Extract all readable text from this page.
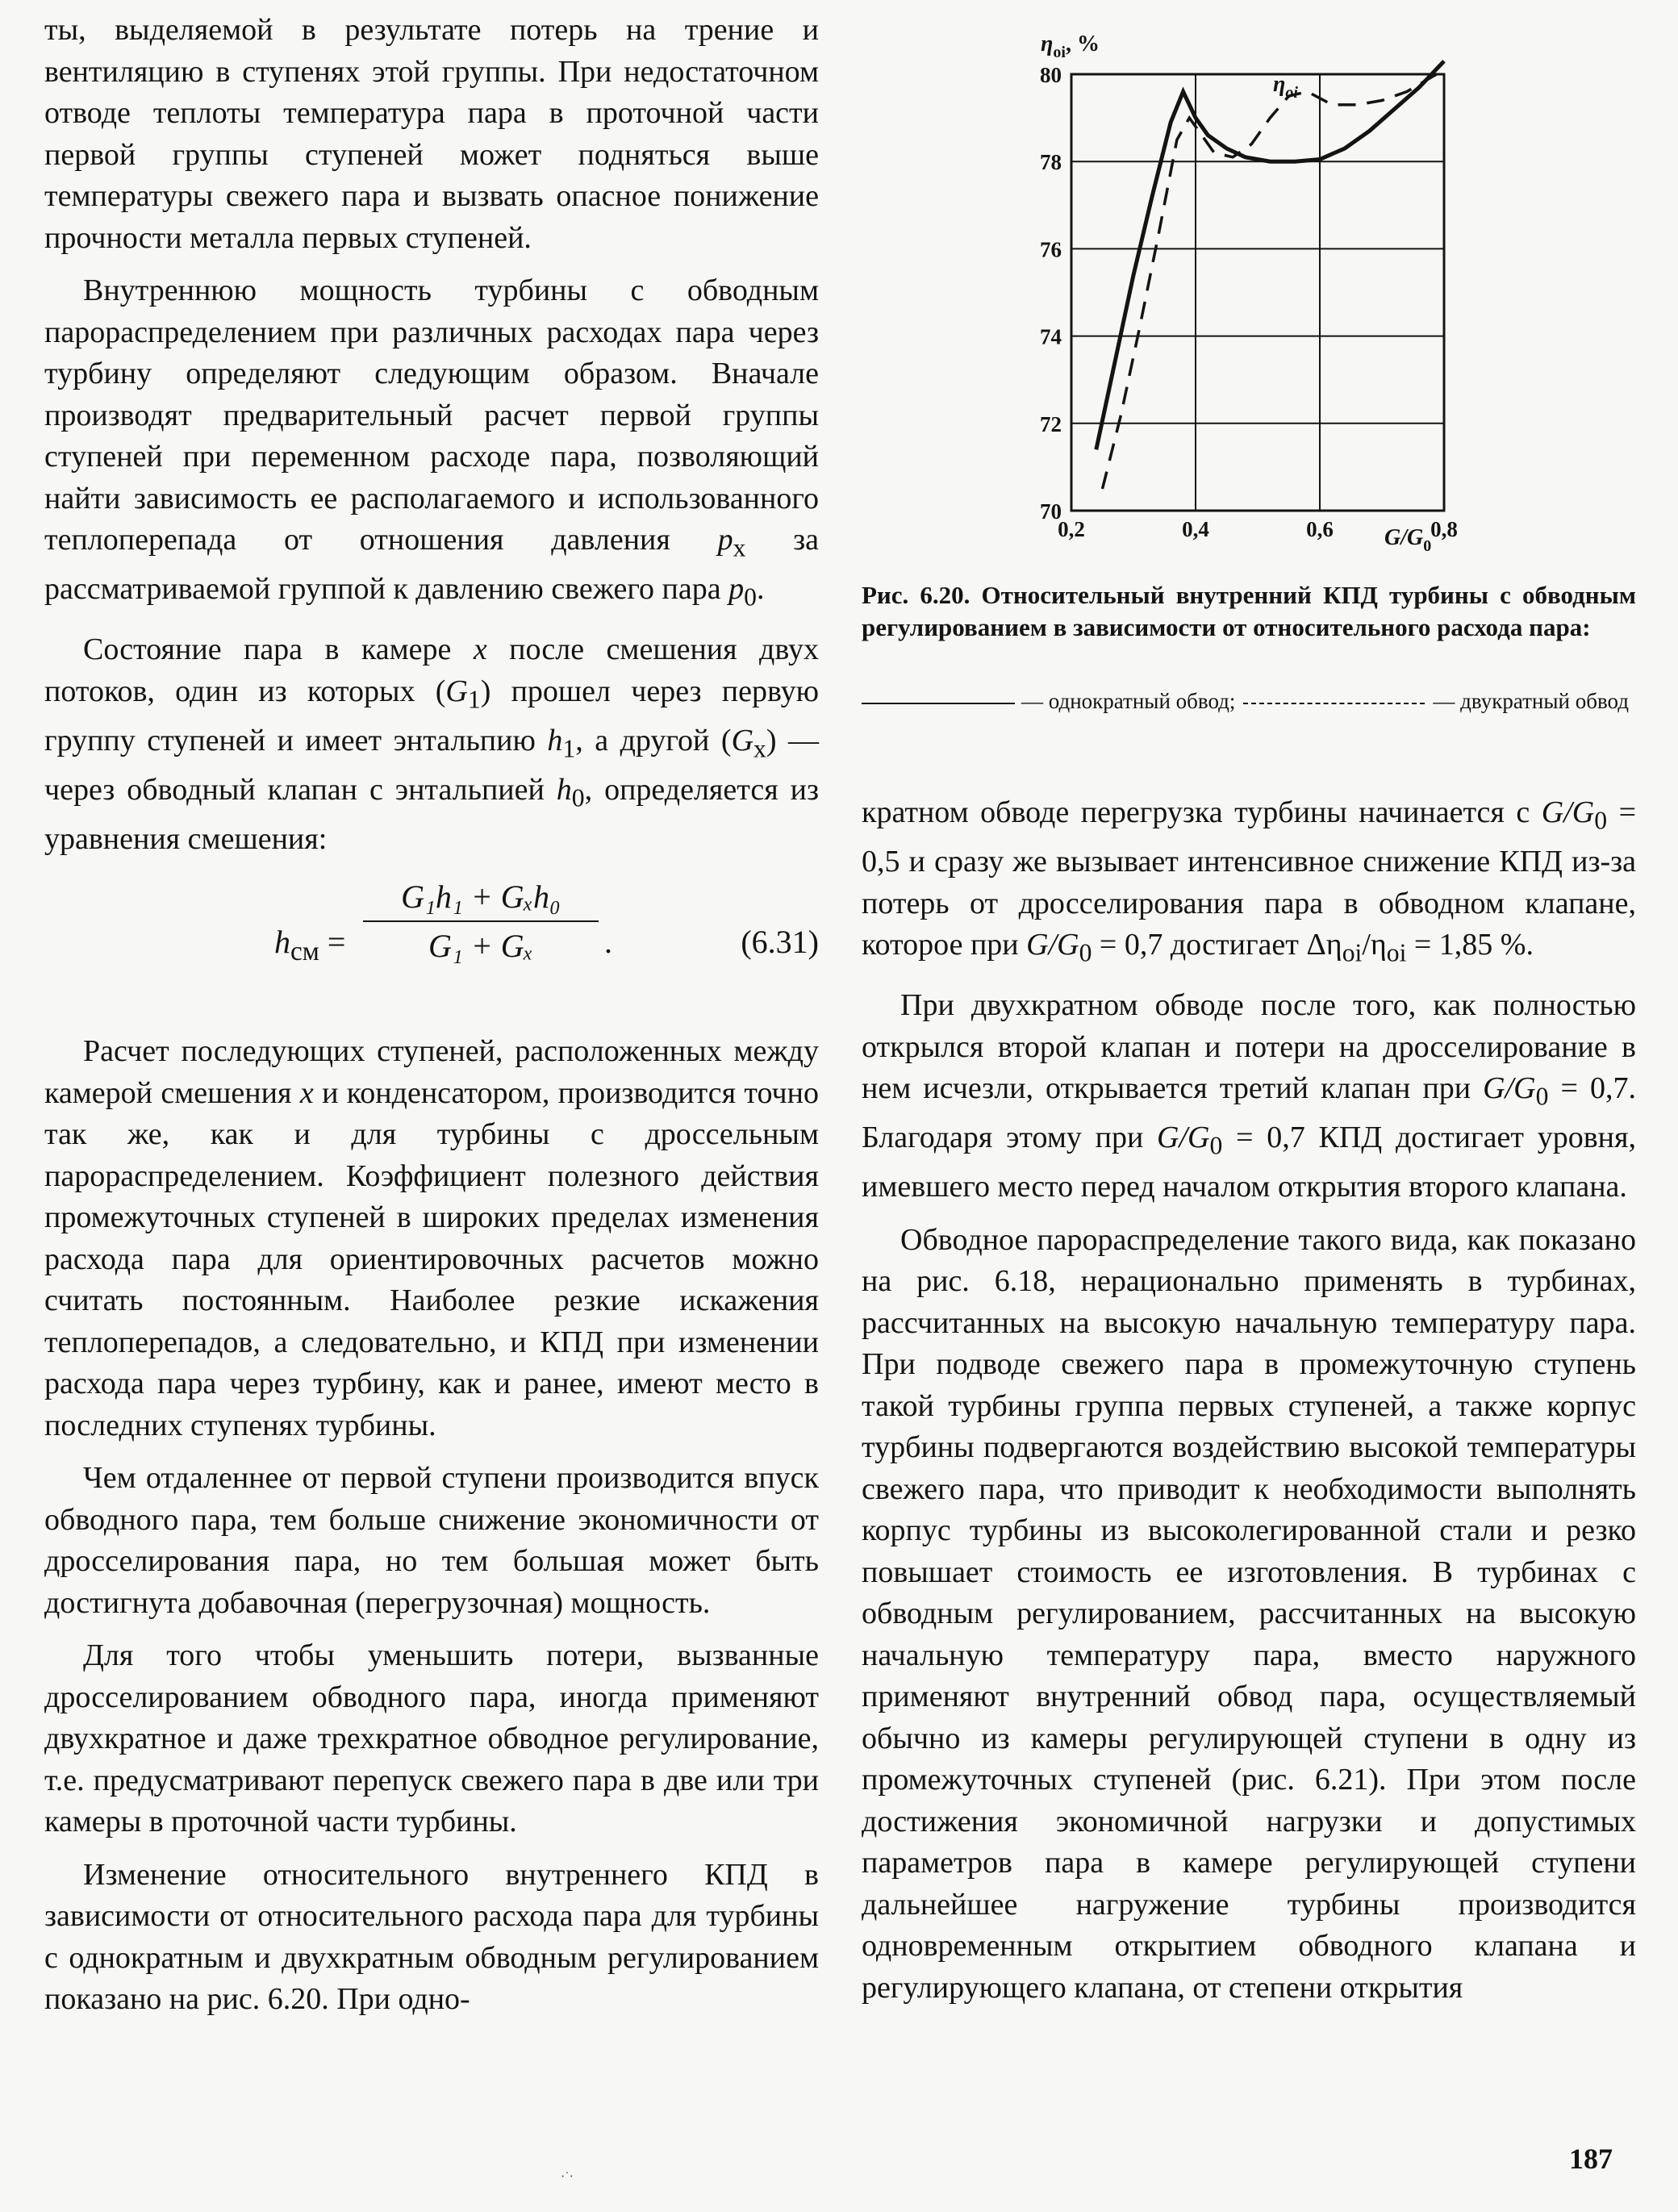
ты, выделяемой в результате потерь на трение и вентиляцию в ступенях этой группы. При недостаточном отводе теплоты температура пара в проточной части первой группы ступеней может подняться выше температуры свежего пара и вызвать опасное понижение прочности металла первых ступеней.

Внутреннюю мощность турбины с обводным парораспределением при различных расходах пара через турбину определяют следующим образом. Вначале производят предварительный расчет первой группы ступеней при переменном расходе пара, позволяющий найти зависимость ее располагаемого и использованного теплоперепада от отношения давления $p_x$ за рассматриваемой группой к давлению свежего пара $p_0$.

Состояние пара в камере x после смешения двух потоков, один из которых $(G_1)$ прошел через первую группу ступеней и имеет энтальпию $h_1$, а другой $(G_x)$ — через обводный клапан с энтальпией $h_0$, определяется из уравнения смешения:

$h_{см}$ =
G₁h₁ + Gₓh₀
G₁ + Gₓ	.	(6.31)

Расчет последующих ступеней, расположенных между камерой смешения x и конденсатором, производится точно так же, как и для турбины с дроссельным парораспределением. Коэффициент полезного действия промежуточных ступеней в широких пределах изменения расхода пара для ориентировочных расчетов можно считать постоянным. Наиболее резкие искажения теплоперепадов, а следовательно, и КПД при изменении расхода пара через турбину, как и ранее, имеют место в последних ступенях турбины.

Чем отдаленнее от первой ступени производится впуск обводного пара, тем больше снижение экономичности от дросселирования пара, но тем большая может быть достигнута добавочная (перегрузочная) мощность.

Для того чтобы уменьшить потери, вызванные дросселированием обводного пара, иногда применяют двухкратное и даже трехкратное обводное регулирование, т.е. предусматривают перепуск свежего пара в две или три камеры в проточной части турбины.

Изменение относительного внутреннего КПД в зависимости от относительного расхода пара для турбины с однократным и двухкратным обводным регулированием показано на рис. 6.20. При одно-

0,2	0,4	0,6	0,8
70
72
74
76
78
80
$\eta_{oi}$, %
$G/G_0$
$\eta_{oi}$
Рис. 6.20. Относительный внутренний КПД турбины с обводным регулированием в зависимости от относительного расхода пара:
— однократный обвод;	— двукратный обвод

кратном обводе перегрузка турбины начинается с $G/G_0 = 0,5$ и сразу же вызывает интенсивное снижение КПД из-за потерь от дросселирования пара в обводном клапане, которое при $G/G_0 = 0,7$ достигает $\Delta\eta_{oi}/\eta_{oi} = 1,85$ %.

При двухкратном обводе после того, как полностью открылся второй клапан и потери на дросселирование в нем исчезли, открывается третий клапан при $G/G_0 = 0,7$. Благодаря этому при $G/G_0 = 0,7$ КПД достигает уровня, имевшего место перед началом открытия второго клапана.

Обводное парораспределение такого вида, как показано на рис. 6.18, нерационально применять в турбинах, рассчитанных на высокую начальную температуру пара. При подводе свежего пара в промежуточную ступень такой турбины группа первых ступеней, а также корпус турбины подвергаются воздействию высокой температуры свежего пара, что приводит к необходимости выполнять корпус турбины из высоколегированной стали и резко повышает стоимость ее изготовления. В турбинах с обводным регулированием, рассчитанных на высокую начальную температуру пара, вместо наружного применяют внутренний обвод пара, осуществляемый обычно из камеры регулирующей ступени в одну из промежуточных ступеней (рис. 6.21). При этом после достижения экономичной нагрузки и допустимых параметров пара в камере регулирующей ступени дальнейшее нагружение турбины производится одновременным открытием обводного клапана и регулирующего клапана, от степени открытия

187
·˙·
